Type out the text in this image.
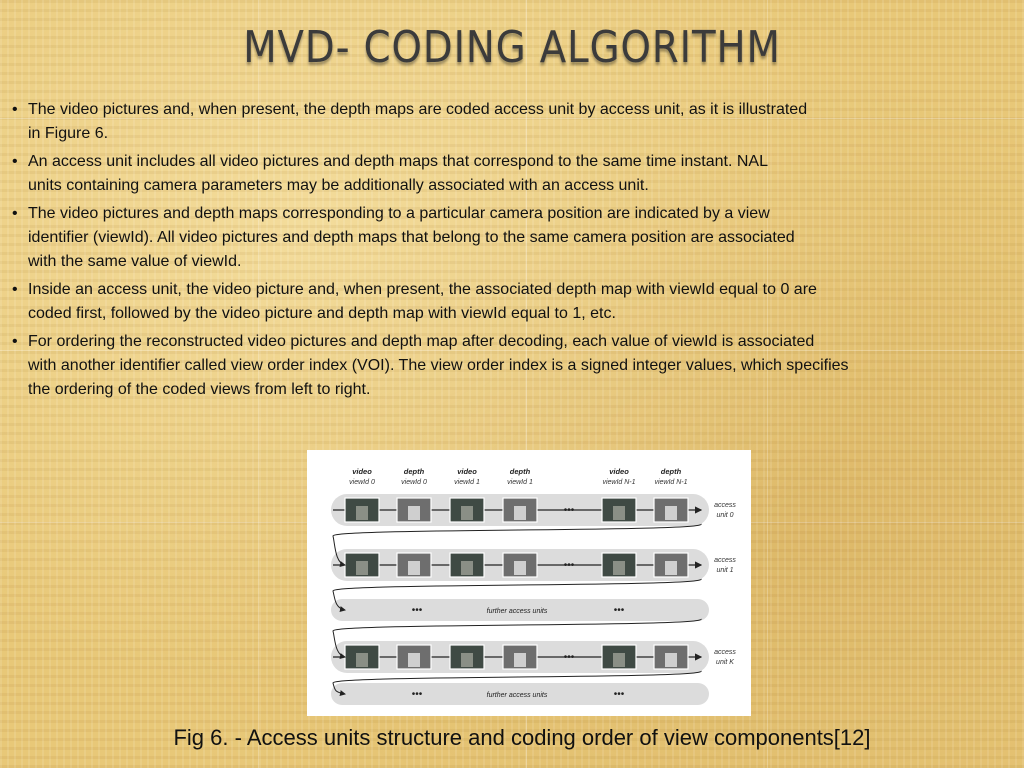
MVD- CODING ALGORITHM
• The video pictures and, when present, the depth maps are coded access unit by access unit, as it is illustrated
in Figure 6.
• An access unit includes all video pictures and depth maps that correspond to the same time instant. NAL
units containing camera parameters may be additionally associated with an access unit.
• The video pictures and depth maps corresponding to a particular camera position are indicated by a view
identifier (viewId). All video pictures and depth maps that belong to the same camera position are associated
with the same value of viewId.
• Inside an access unit, the video picture and, when present, the associated depth map with viewId equal to 0 are
coded first, followed by the video picture and depth map with viewId equal to 1, etc.
• For ordering the reconstructed video pictures and depth map after decoding, each value of viewId is associated
with another identifier called view order index (VOI). The view order index is a signed integer values, which specifies
the ordering of the coded views from left to right.
video
viewId 0
depth
viewId 0
video
viewId 1
depth
viewId 1
video
viewId N-1
depth
viewId N-1
•••	access
unit 0
•••	access
unit 1
•••	further access units	•••
•••	access
unit K
•••	further access units	•••
Fig 6. - Access units structure and coding order of view components[12]
